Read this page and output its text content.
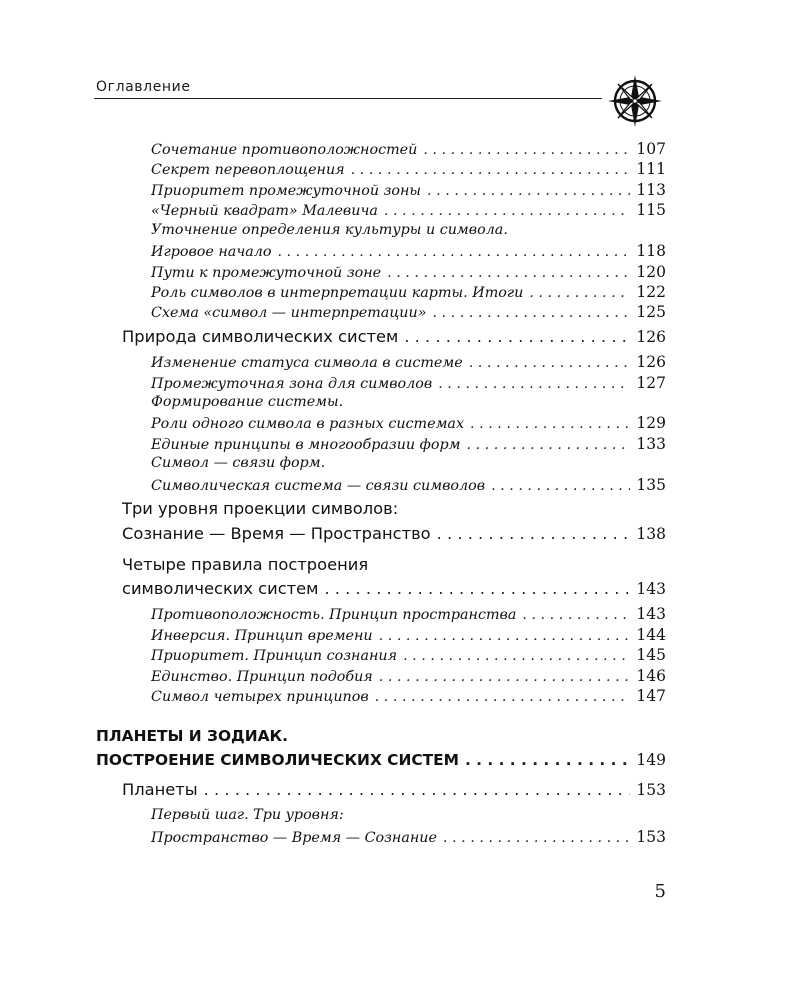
Оглавление
Сочетание противоположностей . . .	107
Секрет перевоплощения . . .	111
Приоритет промежуточной зоны . . .	113
«Черный квадрат» Малевича . . .	115
Уточнение определения культуры и символа.
Игровое начало . . .	118
Пути к промежуточной зоне . . .	120
Роль символов в интерпретации карты. Итоги . . .	122
Схема «символ — интерпретации» . . .	125
Природа символических систем . . .	126
Изменение статуса символа в системе . . .	126
Промежуточная зона для символов . . .	127
Формирование системы.
Роли одного символа в разных системах . . .	129
Единые принципы в многообразии форм . . .	133
Символ — связи форм.
Символическая система — связи символов . . .	135
Три уровня проекции символов:
Сознание — Время — Пространство . . .	138
Четыре правила построения
символических систем . . .	143
Противоположность. Принцип пространства . . .	143
Инверсия. Принцип времени . . .	144
Приоритет. Принцип сознания . . .	145
Единство. Принцип подобия . . .	146
Символ четырех принципов . . .	147
ПЛАНЕТЫ И ЗОДИАК.
ПОСТРОЕНИЕ СИМВОЛИЧЕСКИХ СИСТЕМ . . .	149
Планеты . . .	153
Первый шаг. Три уровня:
Пространство — Время — Сознание . . .	153
5
